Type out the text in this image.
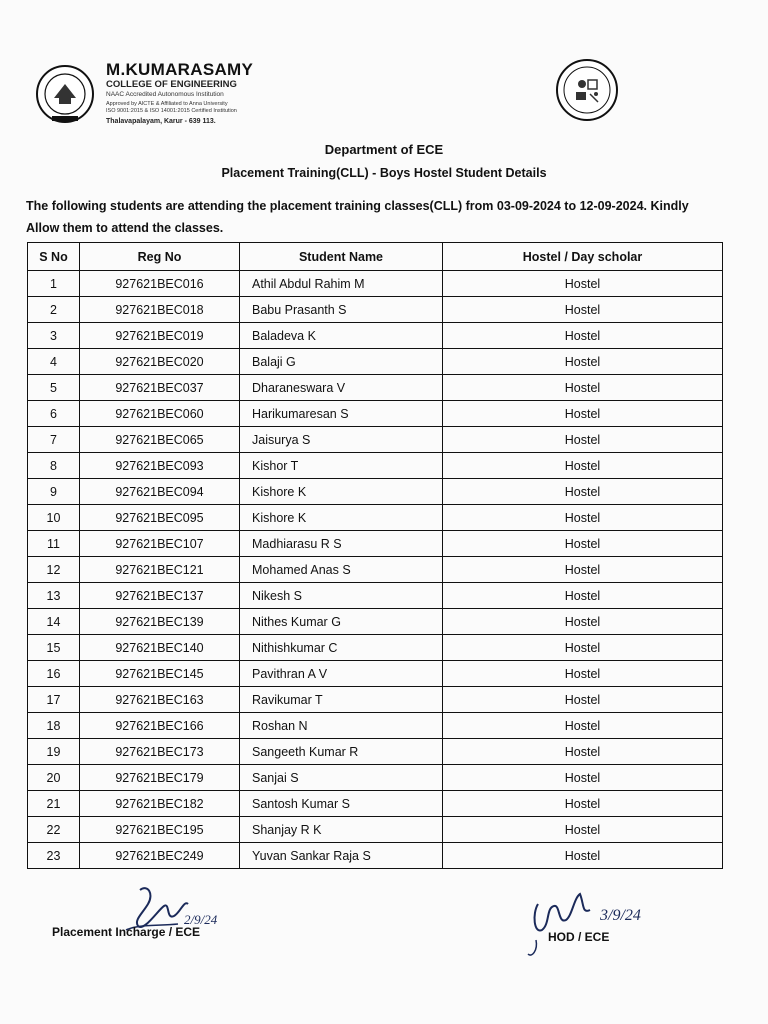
M.KUMARASAMY
COLLEGE OF ENGINEERING
NAAC Accredited Autonomous Institution
Approved by AICTE & Affiliated to Anna University
ISO 9001:2015 & ISO 14001:2015 Certified Institution
Thalavapalayam, Karur - 639 113.
Department of ECE
Placement Training(CLL) - Boys Hostel Student Details
The following students are attending the placement training classes(CLL) from 03-09-2024 to 12-09-2024. Kindly Allow them to attend the classes.
S No	Reg No	Student Name	Hostel / Day scholar
1	927621BEC016	Athil Abdul Rahim M	Hostel
2	927621BEC018	Babu Prasanth S	Hostel
3	927621BEC019	Baladeva K	Hostel
4	927621BEC020	Balaji G	Hostel
5	927621BEC037	Dharaneswara V	Hostel
6	927621BEC060	Harikumaresan S	Hostel
7	927621BEC065	Jaisurya S	Hostel
8	927621BEC093	Kishor T	Hostel
9	927621BEC094	Kishore K	Hostel
10	927621BEC095	Kishore K	Hostel
11	927621BEC107	Madhiarasu R S	Hostel
12	927621BEC121	Mohamed Anas S	Hostel
13	927621BEC137	Nikesh S	Hostel
14	927621BEC139	Nithes Kumar G	Hostel
15	927621BEC140	Nithishkumar C	Hostel
16	927621BEC145	Pavithran A V	Hostel
17	927621BEC163	Ravikumar T	Hostel
18	927621BEC166	Roshan N	Hostel
19	927621BEC173	Sangeeth Kumar R	Hostel
20	927621BEC179	Sanjai S	Hostel
21	927621BEC182	Santosh Kumar S	Hostel
22	927621BEC195	Shanjay R K	Hostel
23	927621BEC249	Yuvan Sankar Raja S	Hostel
2/9/24
Placement Incharge / ECE
3/9/24
HOD / ECE
